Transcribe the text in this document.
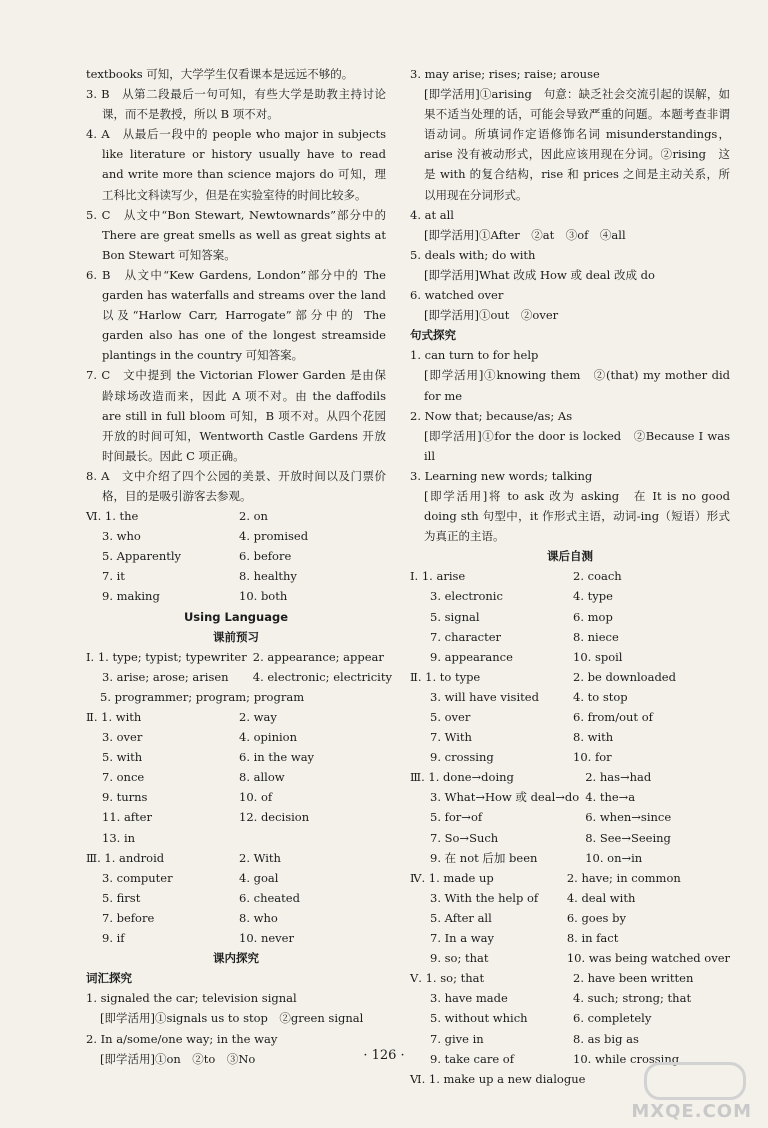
textbooks 可知，大学学生仅看课本是远远不够的。

3. B　从第二段最后一句可知，有些大学是助教主持讨论课，而不是教授，所以 B 项不对。

4. A　从最后一段中的 people who major in subjects like literature or history usually have to read and write more than science majors do 可知，理工科比文科读写少，但是在实验室待的时间比较多。

5. C　从文中“Bon Stewart, Newtownards”部分中的 There are great smells as well as great sights at Bon Stewart 可知答案。

6. B　从文中“Kew Gardens, London”部分中的 The garden has waterfalls and streams over the land 以及“Harlow Carr, Harrogate”部分中的 The garden also has one of the longest streamside plantings in the country 可知答案。

7. C　文中提到 the Victorian Flower Garden 是由保龄球场改造而来，因此 A 项不对。由 the daffodils are still in full bloom 可知，B 项不对。从四个花园开放的时间可知，Wentworth Castle Gardens 开放时间最长。因此 C 项正确。

8. A　文中介绍了四个公园的美景、开放时间以及门票价格，目的是吸引游客去参观。

Ⅵ. 1. the	2. on
3. who	4. promised
5. Apparently	6. before
7. it	8. healthy
9. making	10. both
Using Language
课前预习
Ⅰ. 1. type; typist; typewriter 2. appearance; appear
3. arise; arose; arisen	4. electronic; electricity

5. programmer; program; program

Ⅱ. 1. with	2. way
3. over	4. opinion
5. with	6. in the way
7. once	8. allow
9. turns	10. of
11. after	12. decision
13. in
Ⅲ. 1. android	2. With
3. computer	4. goal
5. first	6. cheated
7. before	8. who
9. if	10. never
课内探究
词汇探究

1. signaled the car; television signal

[即学活用]①signals us to stop　②green signal

2. In a/some/one way; in the way

[即学活用]①on　②to　③No

3. may arise; rises; raise; arouse

[即学活用]①arising　句意：缺乏社会交流引起的误解，如果不适当处理的话，可能会导致严重的问题。本题考查非谓语动词。所填词作定语修饰名词 misunderstandings，arise 没有被动形式，因此应该用现在分词。②rising　这是 with 的复合结构，rise 和 prices 之间是主动关系，所以用现在分词形式。

4. at all

[即学活用]①After　②at　③of　④all

5. deals with; do with

[即学活用]What 改成 How 或 deal 改成 do

6. watched over

[即学活用]①out　②over

句式探究

1. can turn to for help

[即学活用]①knowing them　②(that) my mother did for me

2. Now that; because/as; As

[即学活用]①for the door is locked　②Because I was ill

3. Learning new words; talking

[即学活用]将 to ask 改为 asking　在 It is no good doing sth 句型中，it 作形式主语，动词-ing（短语）形式为真正的主语。

课后自测
Ⅰ. 1. arise	2. coach
3. electronic	4. type
5. signal	6. mop
7. character	8. niece
9. appearance	10. spoil
Ⅱ. 1. to type	2. be downloaded
3. will have visited	4. to stop
5. over	6. from/out of
7. With	8. with
9. crossing	10. for
Ⅲ. 1. done→doing	2. has→had
3. What→How 或 deal→do 4. the→a
5. for→of	6. when→since
7. So→Such	8. See→Seeing
9. 在 not 后加 been	10. on→in
Ⅳ. 1. made up	2. have; in common
3. With the help of	4. deal with
5. After all	6. goes by
7. In a way	8. in fact
9. so; that	10. was being watched over
Ⅴ. 1. so; that	2. have been written
3. have made	4. such; strong; that
5. without which	6. completely
7. give in	8. as big as
9. take care of	10. while crossing

Ⅵ. 1. make up a new dialogue

· 126 ·
MXQE.COM
